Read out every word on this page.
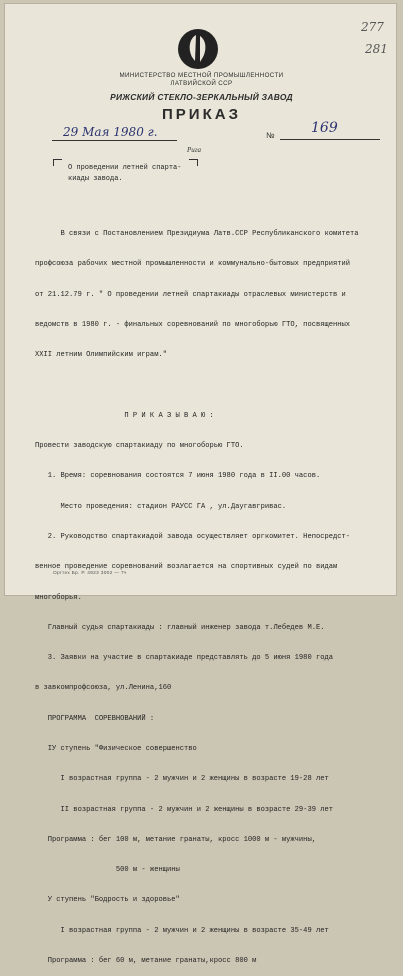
МИНИСТЕРСТВО МЕСТНОЙ ПРОМЫШЛЕННОСТИ
ЛАТВИЙСКОЙ ССР
РИЖСКИЙ СТЕКЛО-ЗЕРКАЛЬНЫЙ ЗАВОД
ПРИКАЗ
29 Мая 1980 г.	№	169
Рига
277
281
О проведении летней спарта-
киады завода.

В связи с Постановлением Президиума Латв.ССР Республиканского комитета

профсоюза рабочих местной промышленности и коммунально-бытовых предприятий

от 21.12.79 г. " О проведении летней спартакиады отраслевых министерств и

ведомств в 1980 г. - финальных соревнований по многоборью ГТО, посвященных

XXII летним Олимпийским играм."

П Р И К А З Ы В А Ю :

Провести заводскую спартакиаду по многоборью ГТО.

1. Время: соревнования состоятся 7 июня 1980 года в II.00 часов.

Место проведения: стадион РАУСС ГА , ул.Даугавгривас.

2. Руководство спартакиадой завода осуществляет оргкомитет. Непосредст-

венное проведение соревнований возлагается на спортивных судей по видам

многоборья.

Главный судья спартакиады : главный инженер завода т.Лебедев М.Е.

3. Заявки на участие в спартакиаде представлять до 5 июня 1980 года

в завкомпрофсоюза, ул.Ленина,160

ПРОГРАММА  СОРЕВНОВАНИЙ :

IУ ступень "Физическое совершенство

I возрастная группа - 2 мужчин и 2 женщины в возрасте 19-28 лет

II возрастная группа - 2 мужчин и 2 женщины в возрасте 29-39 лет

Программа : бег 100 м, метание гранаты, кросс 1000 м - мужчины,

500 м - женщины

У ступень "Бодрость и здоровье"

I возрастная группа - 2 мужчин и 2 женщины в возрасте 35-49 лет

Программа : бег 60 м, метание гранаты,кросс 800 м

Оргтех Бр. Р. 4923 3002 — 7ч
